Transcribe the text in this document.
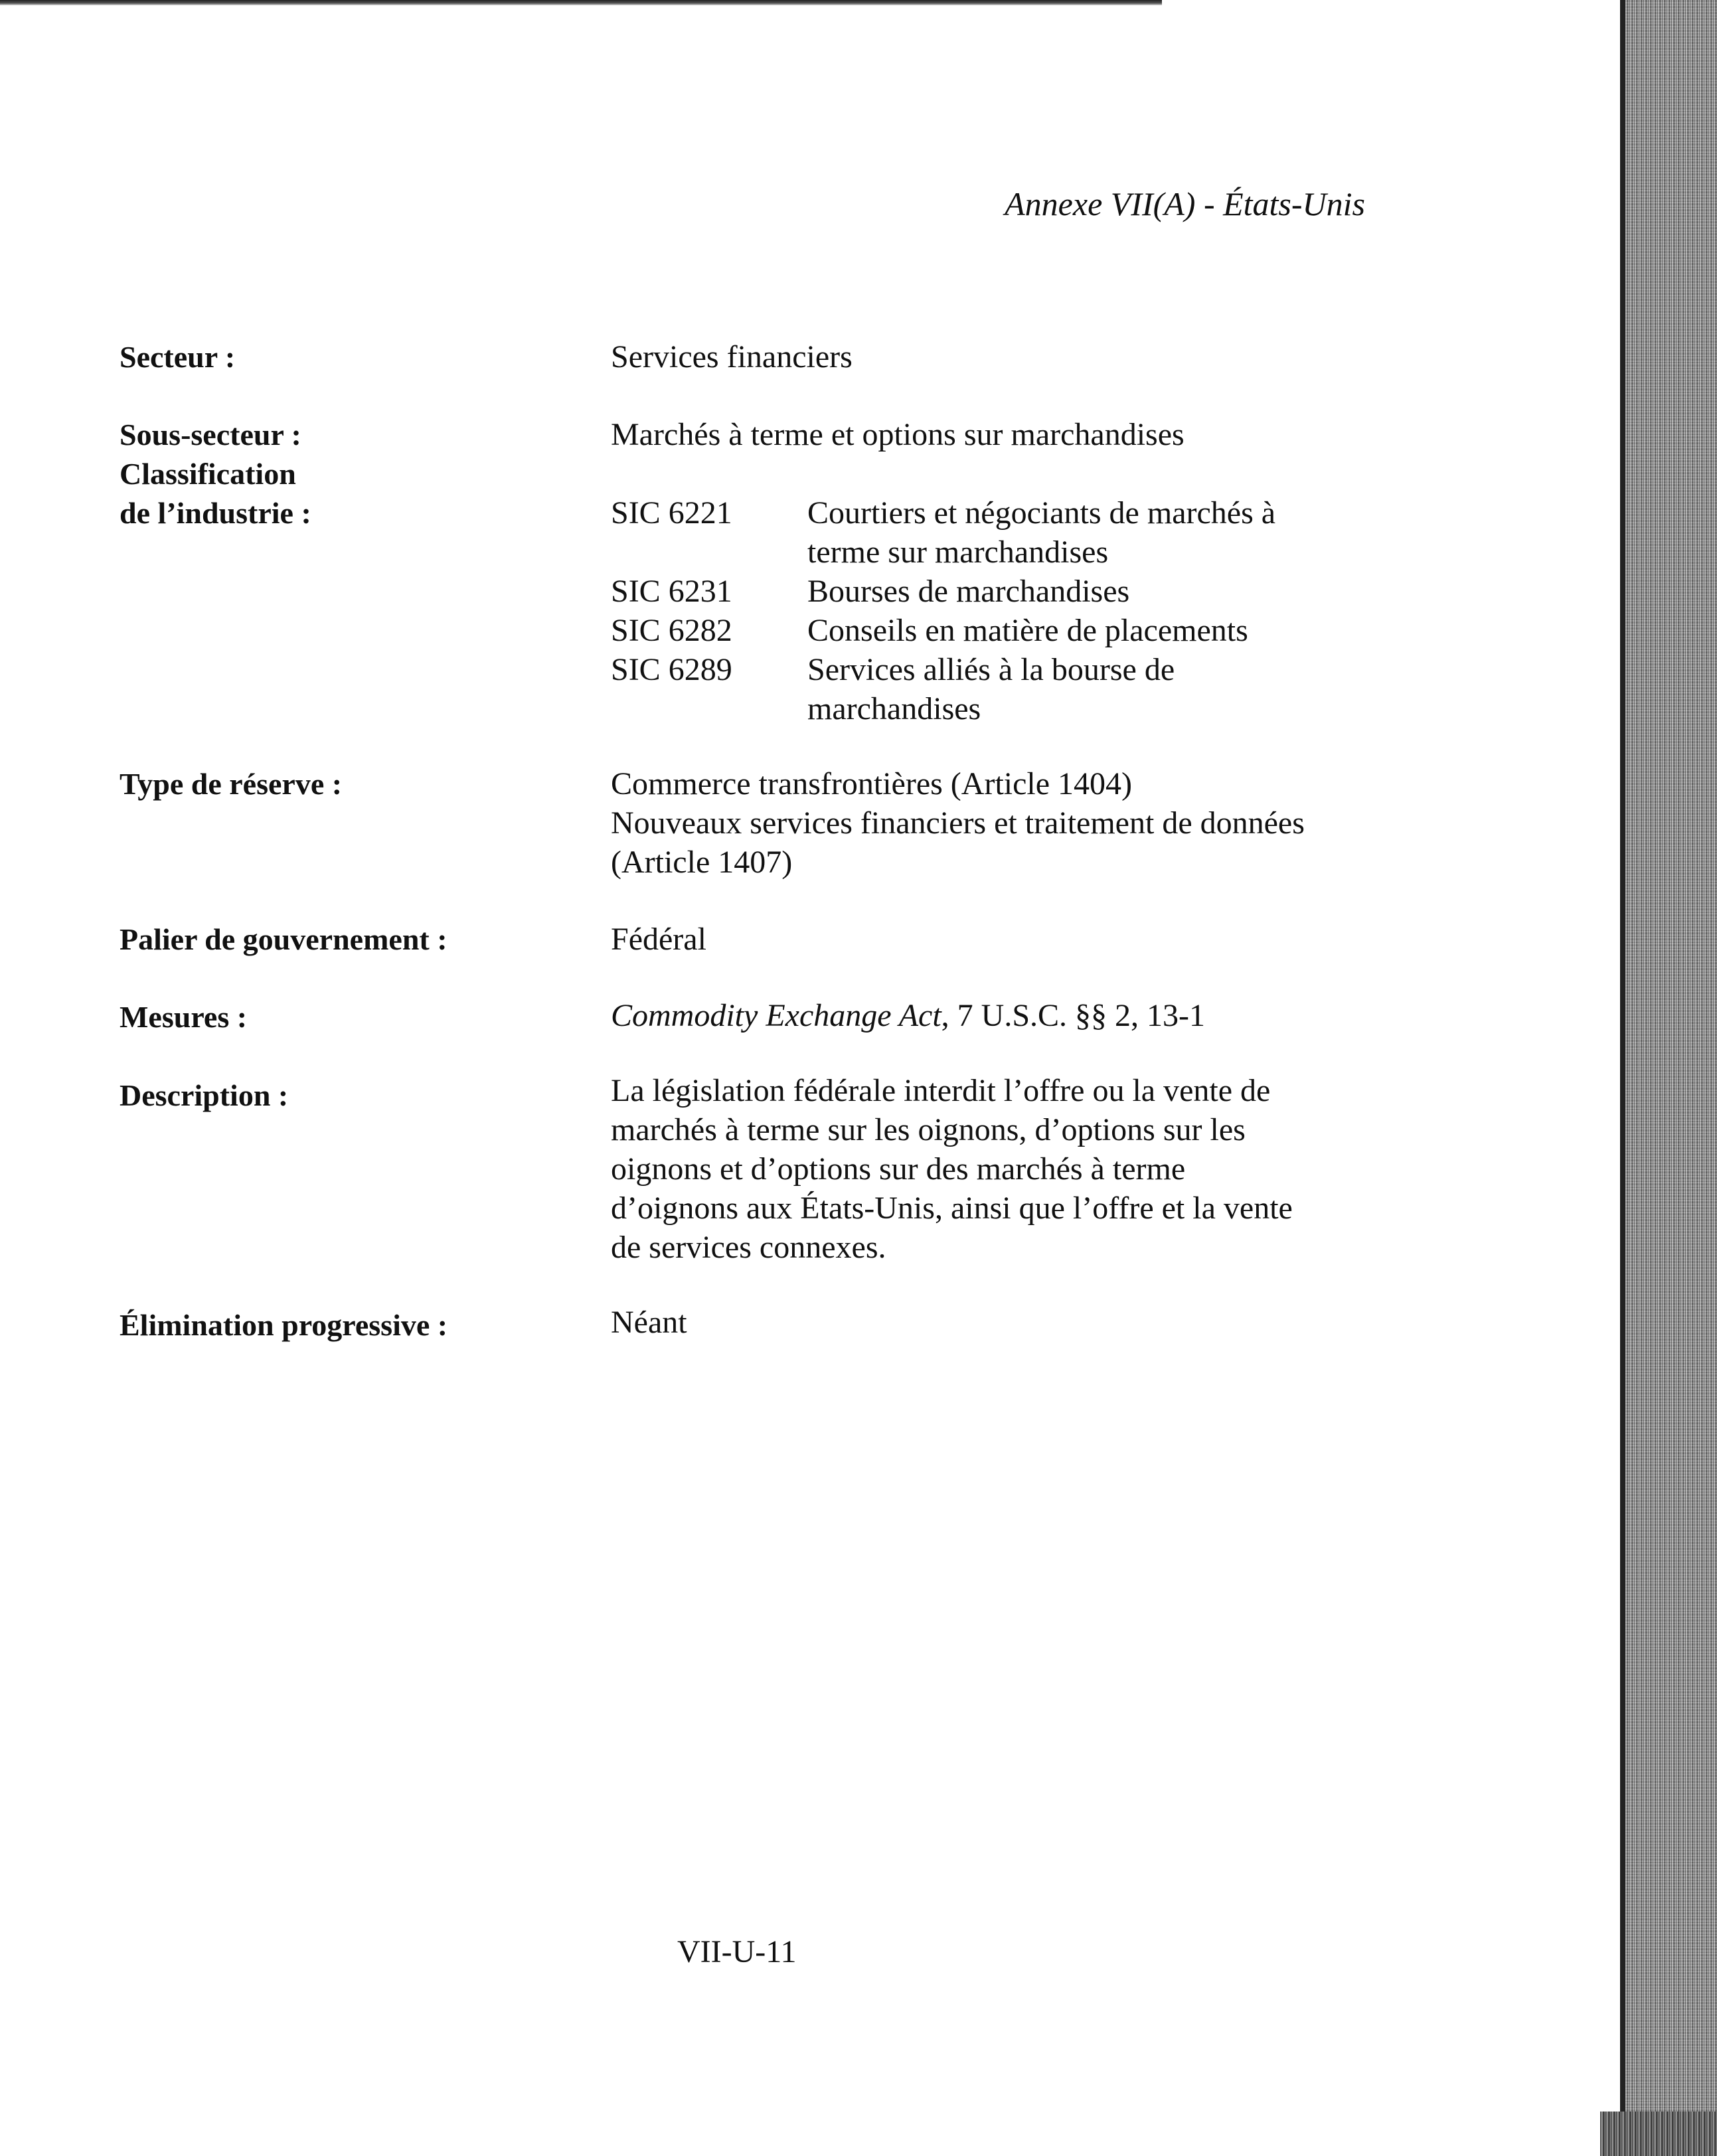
Annexe VII(A) - États-Unis
Secteur :	Services financiers
Sous-secteur :	Marchés à terme et options sur marchandises
Classification
de l’industrie :	SIC 6221	Courtiers et négociants de marchés à
terme sur marchandises
SIC 6231	Bourses de marchandises
SIC 6282	Conseils en matière de placements
SIC 6289	Services alliés à la bourse de
marchandises
Type de réserve :	Commerce transfrontières (Article 1404)
Nouveaux services financiers et traitement de données
(Article 1407)
Palier de gouvernement :	Fédéral
Mesures :	Commodity Exchange Act, 7 U.S.C. §§ 2, 13-1
Description :	La législation fédérale interdit l’offre ou la vente de
marchés à terme sur les oignons, d’options sur les
oignons et d’options sur des marchés à terme
d’oignons aux États-Unis, ainsi que l’offre et la vente
de services connexes.
Élimination progressive :	Néant
VII-U-11
